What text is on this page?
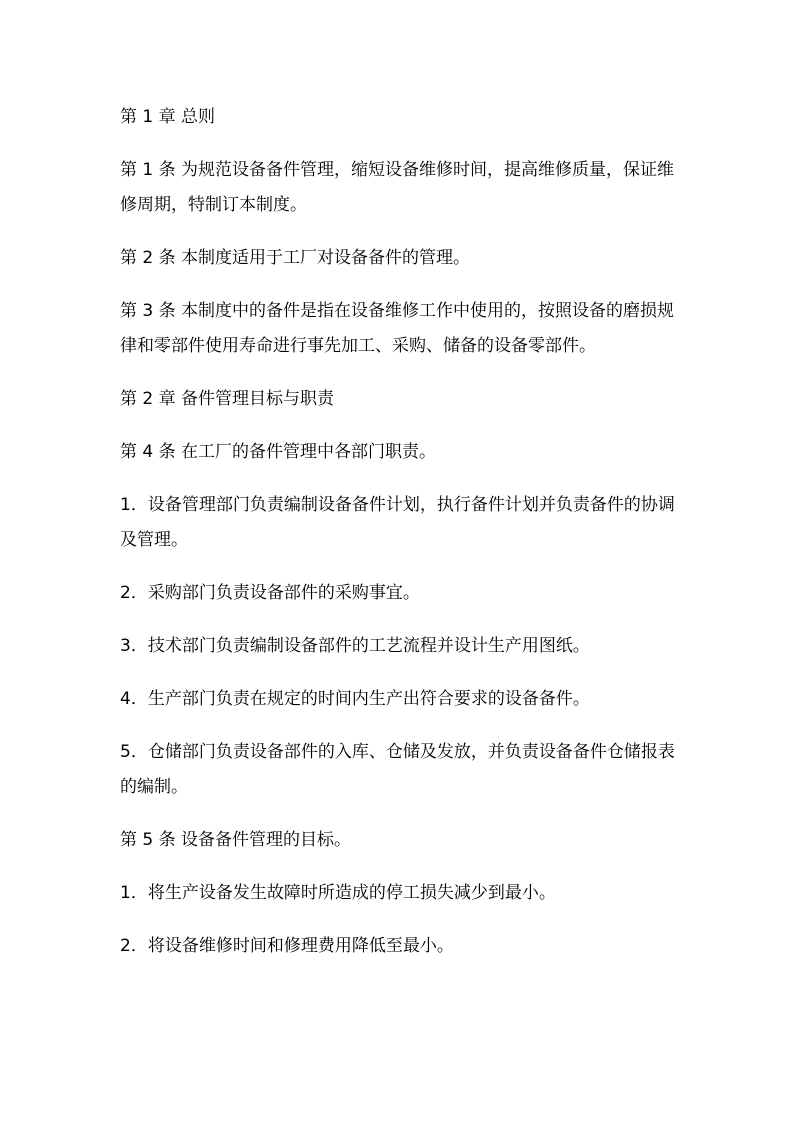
第 1 章 总则

第 1 条 为规范设备备件管理，缩短设备维修时间，提高维修质量，保证维修周期，特制订本制度。

第 2 条 本制度适用于工厂对设备备件的管理。

第 3 条 本制度中的备件是指在设备维修工作中使用的，按照设备的磨损规律和零部件使用寿命进行事先加工、采购、储备的设备零部件。

第 2 章 备件管理目标与职责

第 4 条 在工厂的备件管理中各部门职责。

1．设备管理部门负责编制设备备件计划，执行备件计划并负责备件的协调及管理。

2．采购部门负责设备部件的采购事宜。

3．技术部门负责编制设备部件的工艺流程并设计生产用图纸。

4．生产部门负责在规定的时间内生产出符合要求的设备备件。

5．仓储部门负责设备部件的入库、仓储及发放，并负责设备备件仓储报表的编制。

第 5 条 设备备件管理的目标。

1．将生产设备发生故障时所造成的停工损失减少到最小。

2．将设备维修时间和修理费用降低至最小。
